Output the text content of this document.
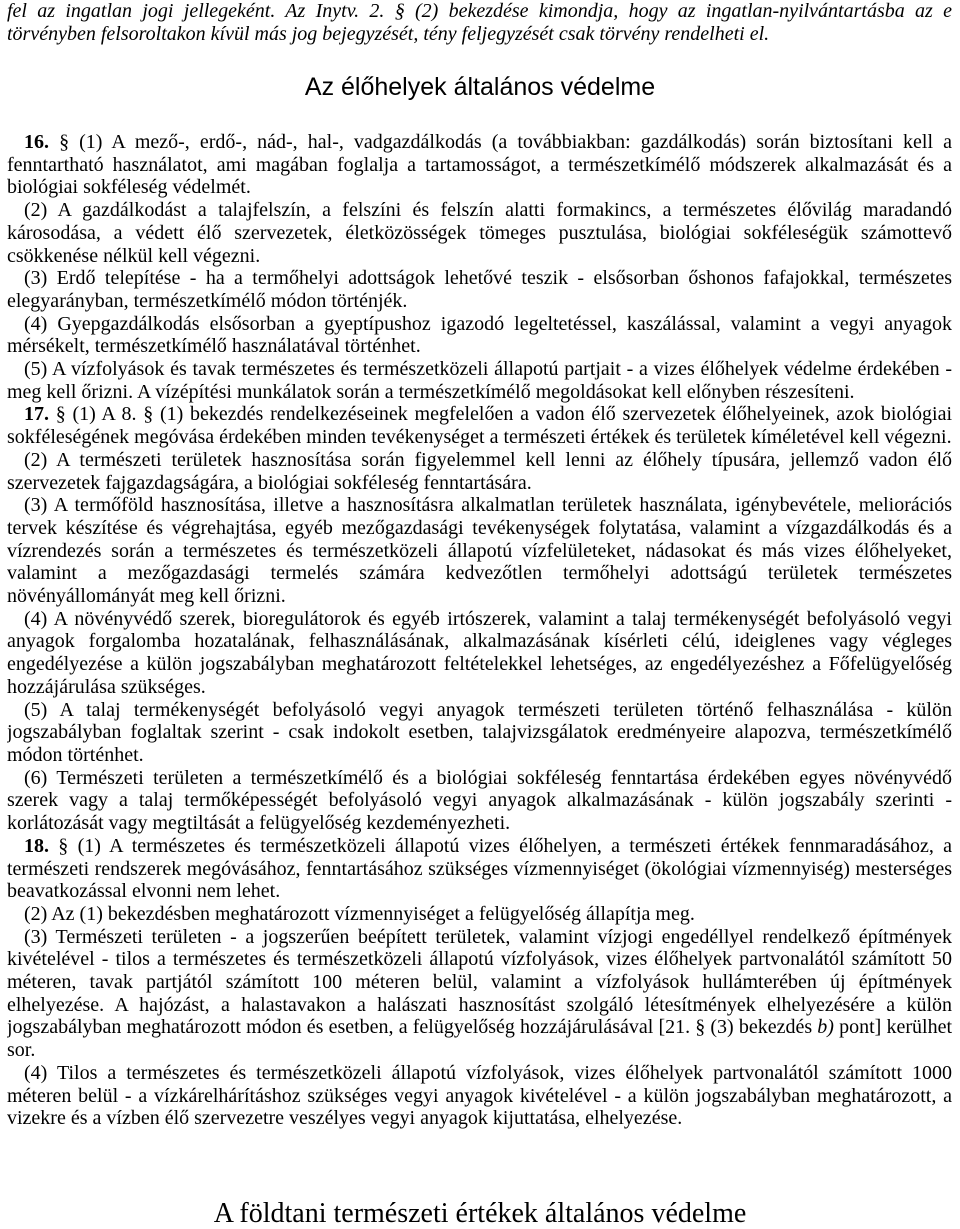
fel az ingatlan jogi jellegeként. Az Inytv. 2. § (2) bekezdése kimondja, hogy az ingatlan-nyilvántartásba az e törvényben felsoroltakon kívül más jog bejegyzését, tény feljegyzését csak törvény rendelheti el.

Az élőhelyek általános védelme

16. § (1) A mező-, erdő-, nád-, hal-, vadgazdálkodás (a továbbiakban: gazdálkodás) során biztosítani kell a fenntartható használatot, ami magában foglalja a tartamosságot, a természetkímélő módszerek alkalmazását és a biológiai sokféleség védelmét.

(2) A gazdálkodást a talajfelszín, a felszíni és felszín alatti formakincs, a természetes élővilág maradandó károsodása, a védett élő szervezetek, életközösségek tömeges pusztulása, biológiai sokféleségük számottevő csökkenése nélkül kell végezni.

(3) Erdő telepítése - ha a termőhelyi adottságok lehetővé teszik - elsősorban őshonos fafajokkal, természetes elegyarányban, természetkímélő módon történjék.

(4) Gyepgazdálkodás elsősorban a gyeptípushoz igazodó legeltetéssel, kaszálással, valamint a vegyi anyagok mérsékelt, természetkímélő használatával történhet.

(5) A vízfolyások és tavak természetes és természetközeli állapotú partjait - a vizes élőhelyek védelme érdekében - meg kell őrizni. A vízépítési munkálatok során a természetkímélő megoldásokat kell előnyben részesíteni.

17. § (1) A 8. § (1) bekezdés rendelkezéseinek megfelelően a vadon élő szervezetek élőhelyeinek, azok biológiai sokféleségének megóvása érdekében minden tevékenységet a természeti értékek és területek kíméletével kell végezni.

(2) A természeti területek hasznosítása során figyelemmel kell lenni az élőhely típusára, jellemző vadon élő szervezetek fajgazdagságára, a biológiai sokféleség fenntartására.

(3) A termőföld hasznosítása, illetve a hasznosításra alkalmatlan területek használata, igénybevétele, meliorációs tervek készítése és végrehajtása, egyéb mezőgazdasági tevékenységek folytatása, valamint a vízgazdálkodás és a vízrendezés során a természetes és természetközeli állapotú vízfelületeket, nádasokat és más vizes élőhelyeket, valamint a mezőgazdasági termelés számára kedvezőtlen termőhelyi adottságú területek természetes növényállományát meg kell őrizni.

(4) A növényvédő szerek, bioregulátorok és egyéb irtószerek, valamint a talaj termékenységét befolyásoló vegyi anyagok forgalomba hozatalának, felhasználásának, alkalmazásának kísérleti célú, ideiglenes vagy végleges engedélyezése a külön jogszabályban meghatározott feltételekkel lehetséges, az engedélyezéshez a Főfelügyelőség hozzájárulása szükséges.

(5) A talaj termékenységét befolyásoló vegyi anyagok természeti területen történő felhasználása - külön jogszabályban foglaltak szerint - csak indokolt esetben, talajvizsgálatok eredményeire alapozva, természetkímélő módon történhet.

(6) Természeti területen a természetkímélő és a biológiai sokféleség fenntartása érdekében egyes növényvédő szerek vagy a talaj termőképességét befolyásoló vegyi anyagok alkalmazásának - külön jogszabály szerinti - korlátozását vagy megtiltását a felügyelőség kezdeményezheti.

18. § (1) A természetes és természetközeli állapotú vizes élőhelyen, a természeti értékek fennmaradásához, a természeti rendszerek megóvásához, fenntartásához szükséges vízmennyiséget (ökológiai vízmennyiség) mesterséges beavatkozással elvonni nem lehet.

(2) Az (1) bekezdésben meghatározott vízmennyiséget a felügyelőség állapítja meg.

(3) Természeti területen - a jogszerűen beépített területek, valamint vízjogi engedéllyel rendelkező építmények kivételével - tilos a természetes és természetközeli állapotú vízfolyások, vizes élőhelyek partvonalától számított 50 méteren, tavak partjától számított 100 méteren belül, valamint a vízfolyások hullámterében új építmények elhelyezése. A hajózást, a halastavakon a halászati hasznosítást szolgáló létesítmények elhelyezésére a külön jogszabályban meghatározott módon és esetben, a felügyelőség hozzájárulásával [21. § (3) bekezdés b) pont] kerülhet sor.

(4) Tilos a természetes és természetközeli állapotú vízfolyások, vizes élőhelyek partvonalától számított 1000 méteren belül - a vízkárelhárításhoz szükséges vegyi anyagok kivételével - a külön jogszabályban meghatározott, a vizekre és a vízben élő szervezetre veszélyes vegyi anyagok kijuttatása, elhelyezése.

A földtani természeti értékek általános védelme
